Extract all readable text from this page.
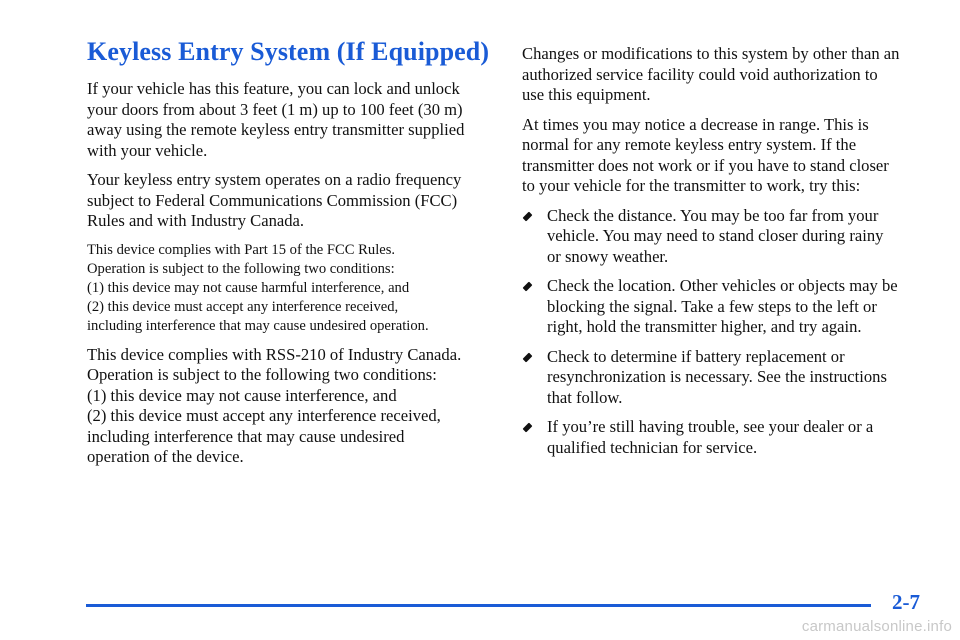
Keyless Entry System (If Equipped)

If your vehicle has this feature, you can lock and unlock
your doors from about 3 feet (1 m) up to 100 feet (30 m)
away using the remote keyless entry transmitter supplied
with your vehicle.

Your keyless entry system operates on a radio frequency
subject to Federal Communications Commission (FCC)
Rules and with Industry Canada.

This device complies with Part 15 of the FCC Rules.
Operation is subject to the following two conditions:
(1) this device may not cause harmful interference, and
(2) this device must accept any interference received,
including interference that may cause undesired operation.

This device complies with RSS-210 of Industry Canada.
Operation is subject to the following two conditions:
(1) this device may not cause interference, and
(2) this device must accept any interference received,
including interference that may cause undesired
operation of the device.

Changes or modifications to this system by other than an
authorized service facility could void authorization to
use this equipment.

At times you may notice a decrease in range. This is
normal for any remote keyless entry system. If the
transmitter does not work or if you have to stand closer
to your vehicle for the transmitter to work, try this:

Check the distance. You may be too far from your
vehicle. You may need to stand closer during rainy
or snowy weather.
Check the location. Other vehicles or objects may be
blocking the signal. Take a few steps to the left or
right, hold the transmitter higher, and try again.
Check to determine if battery replacement or
resynchronization is necessary. See the instructions
that follow.
If you’re still having trouble, see your dealer or a
qualified technician for service.
2-7
carmanualsonline.info
